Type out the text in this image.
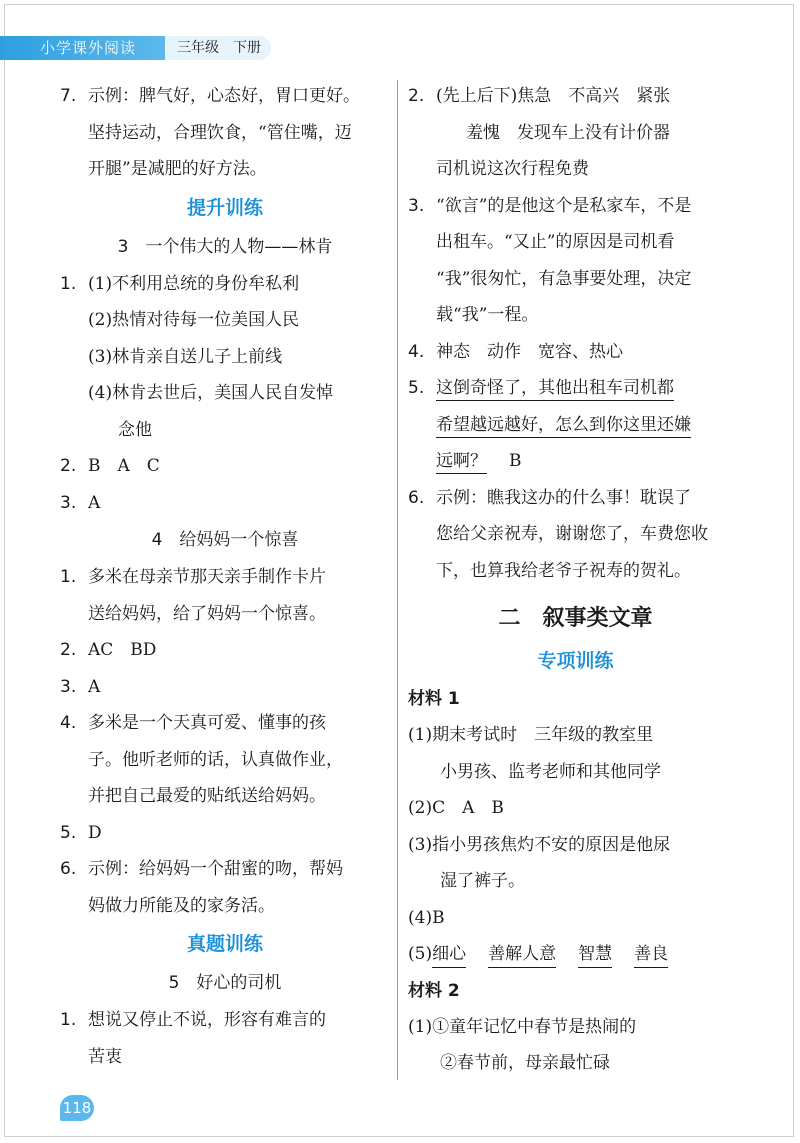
小学课外阅读	三年级　下册
7. 示例：脾气好，心态好，胃口更好。
坚持运动，合理饮食，“管住嘴，迈
开腿”是减肥的好方法。
提升训练
3　一个伟大的人物——林肯
1. (1)不利用总统的身份牟私利
(2)热情对待每一位美国人民
(3)林肯亲自送儿子上前线
(4)林肯去世后，美国人民自发悼
念他
2. B　A　C
3. A
4　给妈妈一个惊喜
1. 多米在母亲节那天亲手制作卡片
送给妈妈，给了妈妈一个惊喜。
2. AC　BD
3. A
4. 多米是一个天真可爱、懂事的孩
子。他听老师的话，认真做作业，
并把自己最爱的贴纸送给妈妈。
5. D
6. 示例：给妈妈一个甜蜜的吻，帮妈
妈做力所能及的家务活。
真题训练
5　好心的司机
1. 想说又停止不说，形容有难言的
苦衷
2. (先上后下)焦急　不高兴　紧张
羞愧　发现车上没有计价器
司机说这次行程免费
3. “欲言”的是他这个是私家车，不是
出租车。“又止”的原因是司机看
“我”很匆忙，有急事要处理，决定
载“我”一程。
4. 神态　动作　宽容、热心
5. 这倒奇怪了，其他出租车司机都
希望越远越好，怎么到你这里还嫌
远啊？ B
6. 示例：瞧我这办的什么事！耽误了
您给父亲祝寿，谢谢您了，车费您收
下，也算我给老爷子祝寿的贺礼。
二　叙事类文章
专项训练
材料 1
(1)期末考试时　三年级的教室里
小男孩、监考老师和其他同学
(2)C　A　B
(3)指小男孩焦灼不安的原因是他尿
湿了裤子。
(4)B
(5)细心 善解人意 智慧 善良
材料 2
(1)①童年记忆中春节是热闹的
②春节前，母亲最忙碌
118
